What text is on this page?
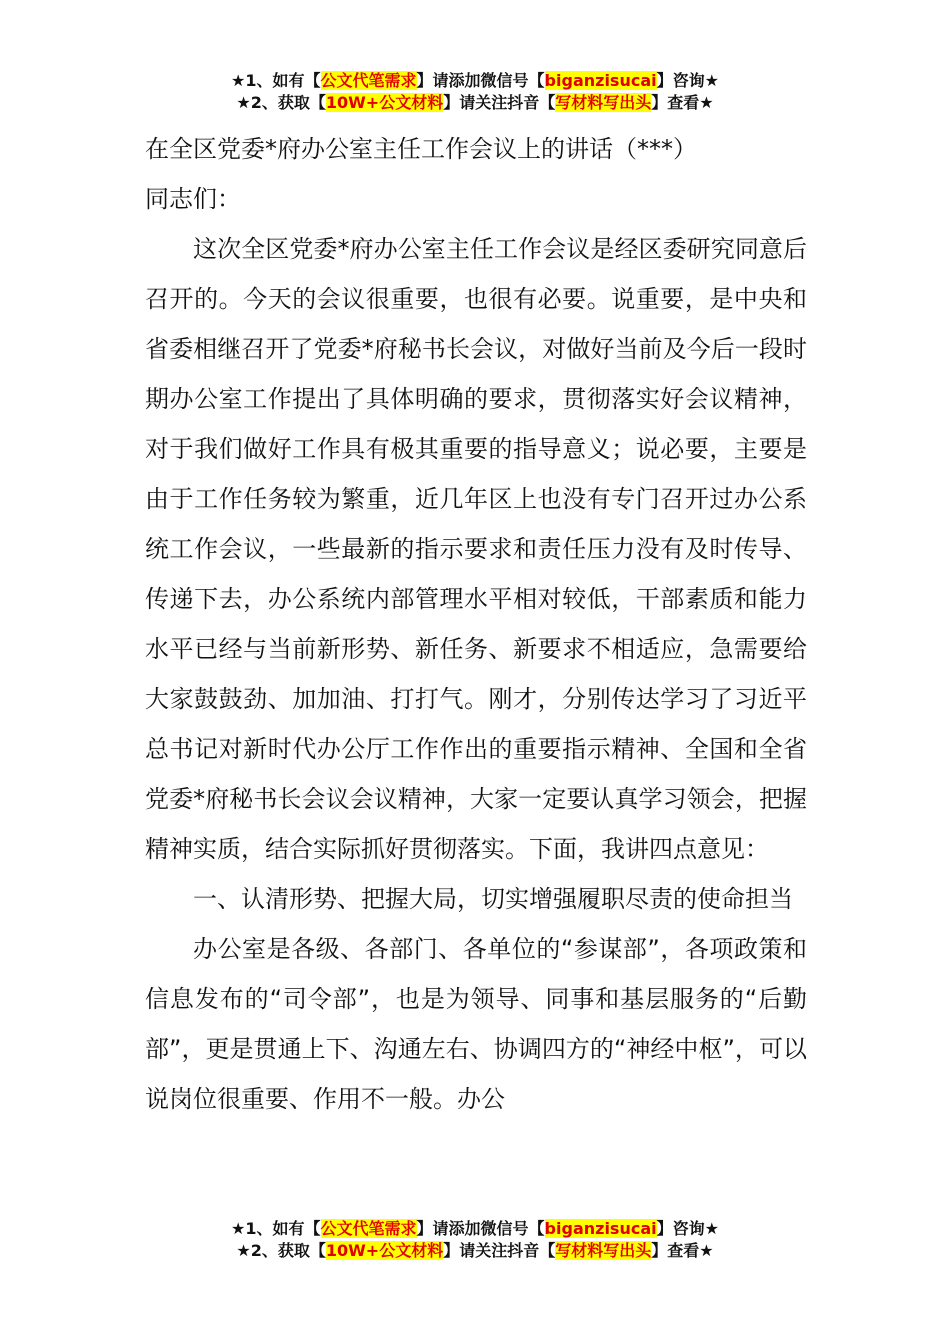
★1、如有【公文代笔需求】请添加微信号【biganzisucai】咨询★
★2、获取【10W+公文材料】请关注抖音【写材料写出头】查看★

在全区党委*府办公室主任工作会议上的讲话（***）

同志们：

这次全区党委*府办公室主任工作会议是经区委研究同意后召开的。今天的会议很重要，也很有必要。说重要，是中央和省委相继召开了党委*府秘书长会议，对做好当前及今后一段时期办公室工作提出了具体明确的要求，贯彻落实好会议精神，对于我们做好工作具有极其重要的指导意义；说必要，主要是由于工作任务较为繁重，近几年区上也没有专门召开过办公系统工作会议，一些最新的指示要求和责任压力没有及时传导、传递下去，办公系统内部管理水平相对较低，干部素质和能力水平已经与当前新形势、新任务、新要求不相适应，急需要给大家鼓鼓劲、加加油、打打气。刚才，分别传达学习了习近平总书记对新时代办公厅工作作出的重要指示精神、全国和全省党委*府秘书长会议会议精神，大家一定要认真学习领会，把握精神实质，结合实际抓好贯彻落实。下面，我讲四点意见：

一、认清形势、把握大局，切实增强履职尽责的使命担当

办公室是各级、各部门、各单位的“参谋部”，各项政策和信息发布的“司令部”，也是为领导、同事和基层服务的“后勤部”，更是贯通上下、沟通左右、协调四方的“神经中枢”，可以说岗位很重要、作用不一般。办公

★1、如有【公文代笔需求】请添加微信号【biganzisucai】咨询★
★2、获取【10W+公文材料】请关注抖音【写材料写出头】查看★
